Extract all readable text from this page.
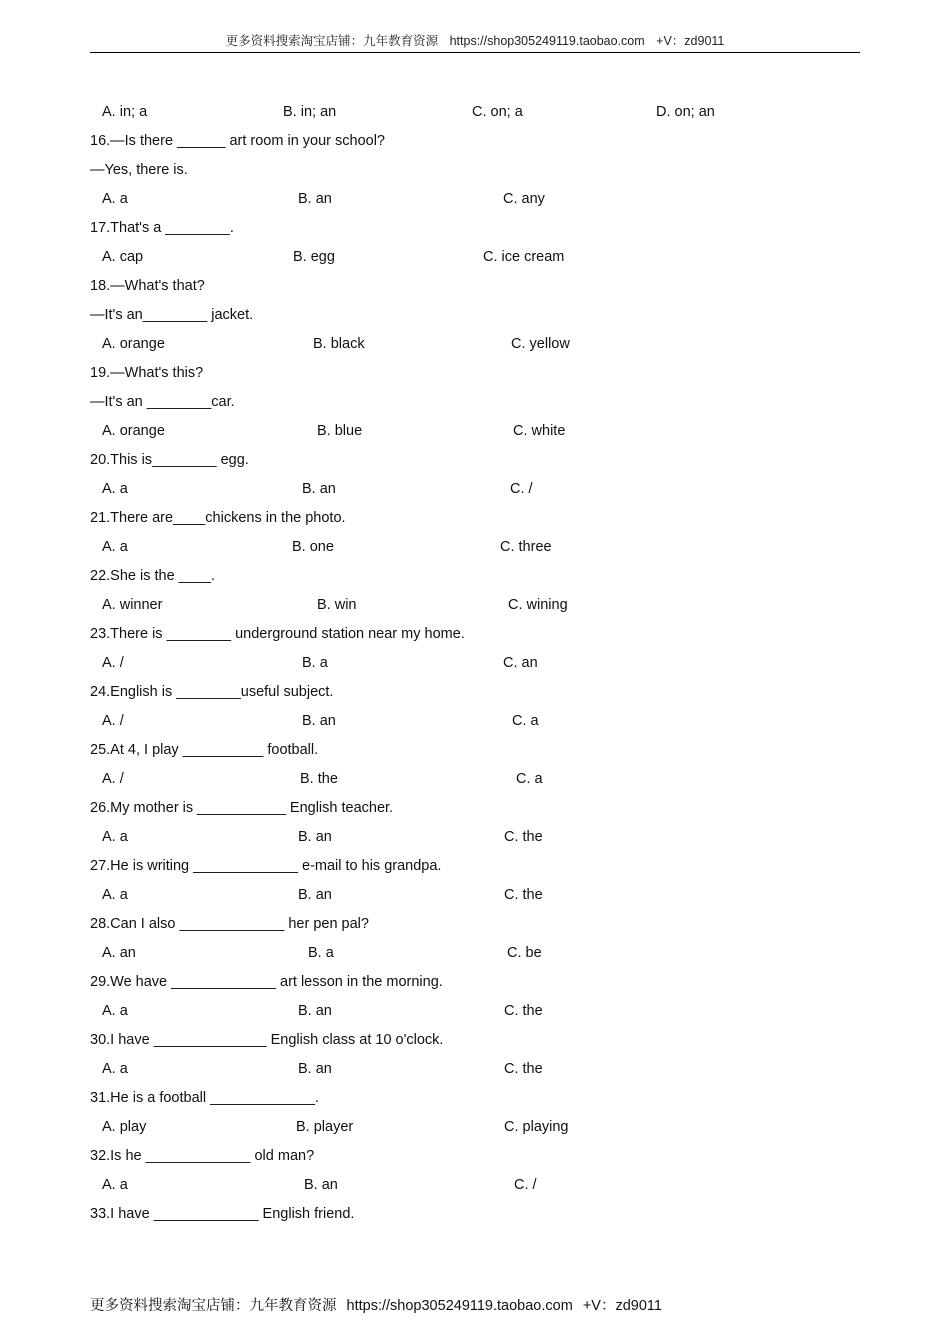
更多资料搜索淘宝店铺：九年教育资源 https://shop305249119.taobao.com +V：zd9011
A. in; a	B. in; an	C. on; a	D. on; an
16.—Is there ______ art room in your school?
—Yes, there is.
A. a	B. an	C. any
17.That's a ________.
A. cap	B. egg	C. ice cream
18.—What's that?
—It's an________ jacket.
A. orange	B. black	C. yellow
19.—What's this?
—It's an ________car.
A. orange	B. blue	C. white
20.This is________ egg.
A. a	B. an	C. /
21.There are____chickens in the photo.
A. a	B. one	C. three
22.She is the ____.
A. winner	B. win	C. wining
23.There is ________ underground station near my home.
A. /	B. a	C. an
24.English is ________useful subject.
A. /	B. an	C. a
25.At 4, I play __________ football.
A. /	B. the	C. a
26.My mother is ___________ English teacher.
A. a	B. an	C. the
27.He is writing _____________ e-mail to his grandpa.
A. a	B. an	C. the
28.Can I also _____________ her pen pal?
A. an	B. a	C. be
29.We have _____________ art lesson in the morning.
A. a	B. an	C. the
30.I have ______________ English class at 10 o'clock.
A. a	B. an	C. the
31.He is a football _____________.
A. play	B. player	C. playing
32.Is he _____________ old man?
A. a	B. an	C. /
33.I have _____________ English friend.
更多资料搜索淘宝店铺：九年教育资源 https://shop305249119.taobao.com +V：zd9011
